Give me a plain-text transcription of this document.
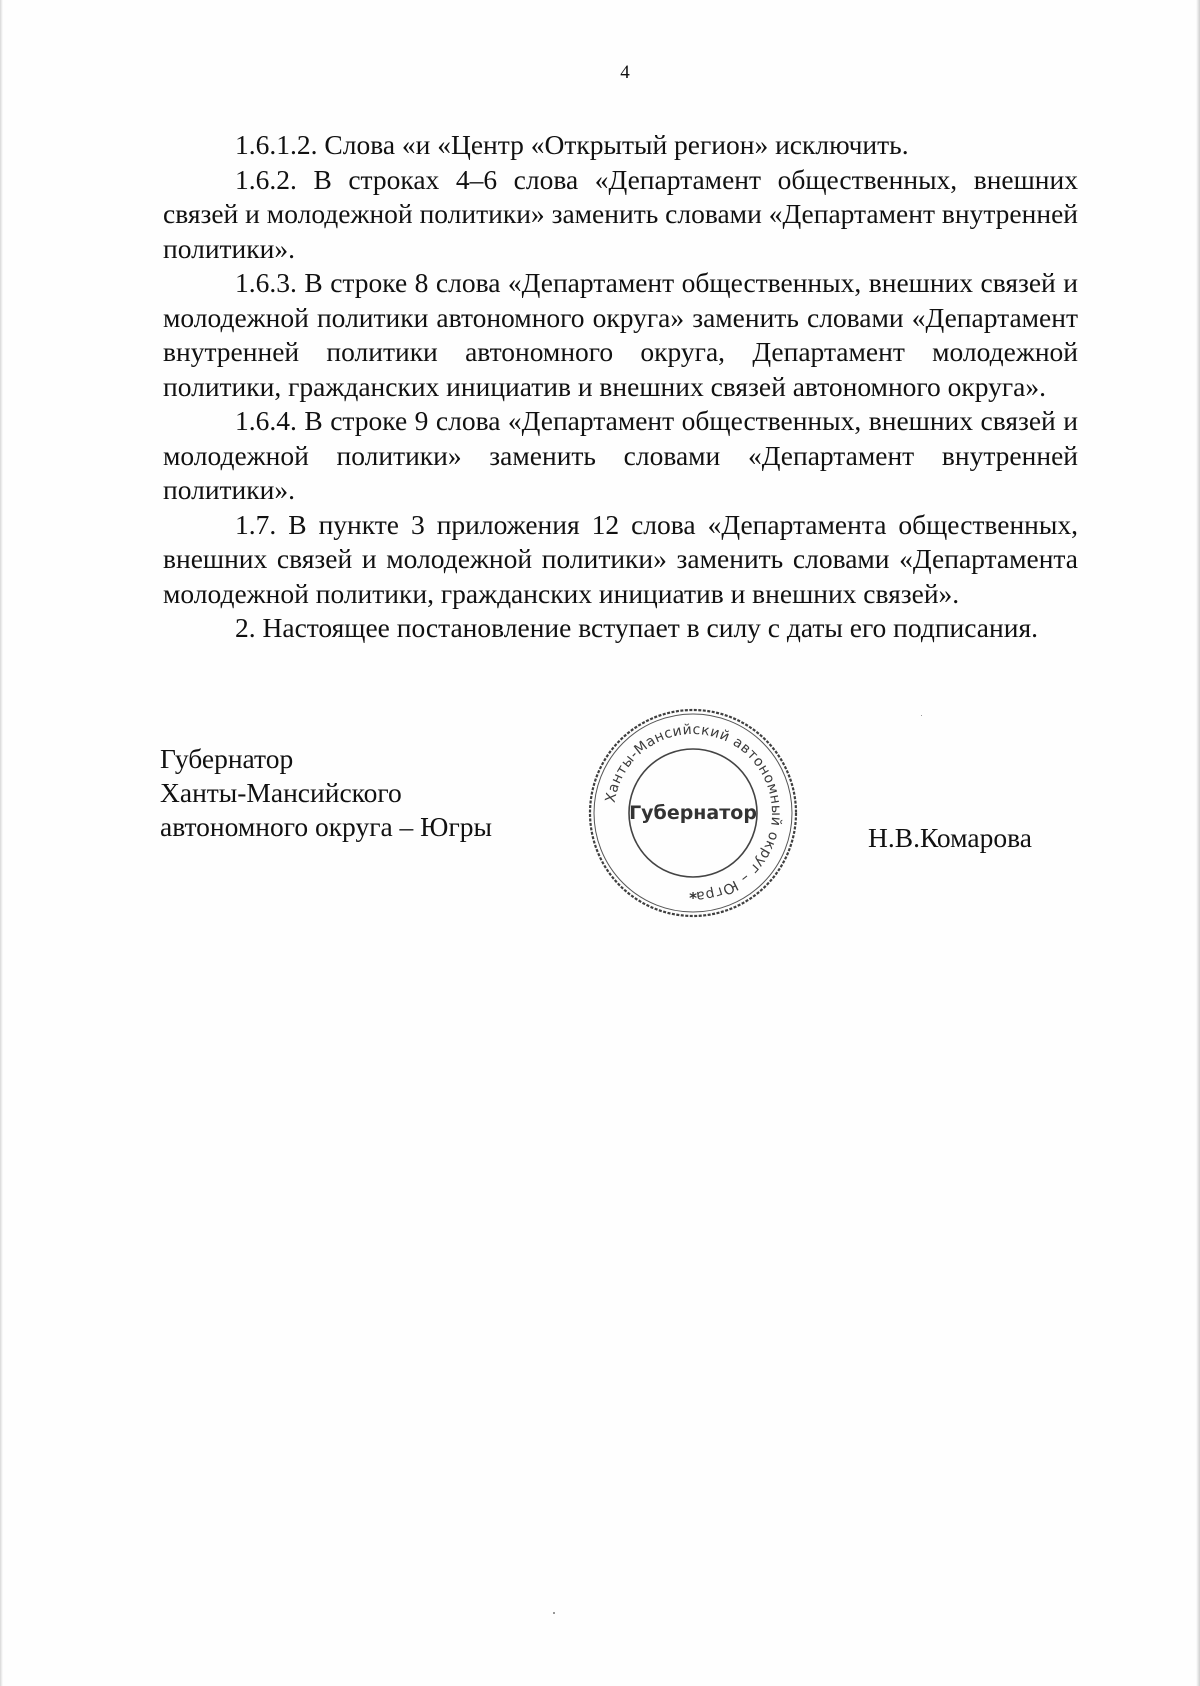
4

1.6.1.2. Слова «и «Центр «Открытый регион» исключить.

1.6.2. В строках 4–6 слова «Департамент общественных, внешних связей и молодежной политики» заменить словами «Департамент внутренней политики».

1.6.3. В строке 8 слова «Департамент общественных, внешних связей и молодежной политики автономного округа» заменить словами «Департамент внутренней политики автономного округа, Департамент молодежной политики, гражданских инициатив и внешних связей автономного округа».

1.6.4. В строке 9 слова «Департамент общественных, внешних связей и молодежной политики» заменить словами «Департамент внутренней политики».

1.7. В пункте 3 приложения 12 слова «Департамента общественных, внешних связей и молодежной политики» заменить словами «Департамента молодежной политики, гражданских инициатив и внешних связей».

2. Настоящее постановление вступает в силу с даты его подписания.

Губернатор
Ханты-Мансийского
автономного округа – Югры
Ханты-Мансийский автономный округ – Югра
Губернатор
*
Н.В.Комарова
